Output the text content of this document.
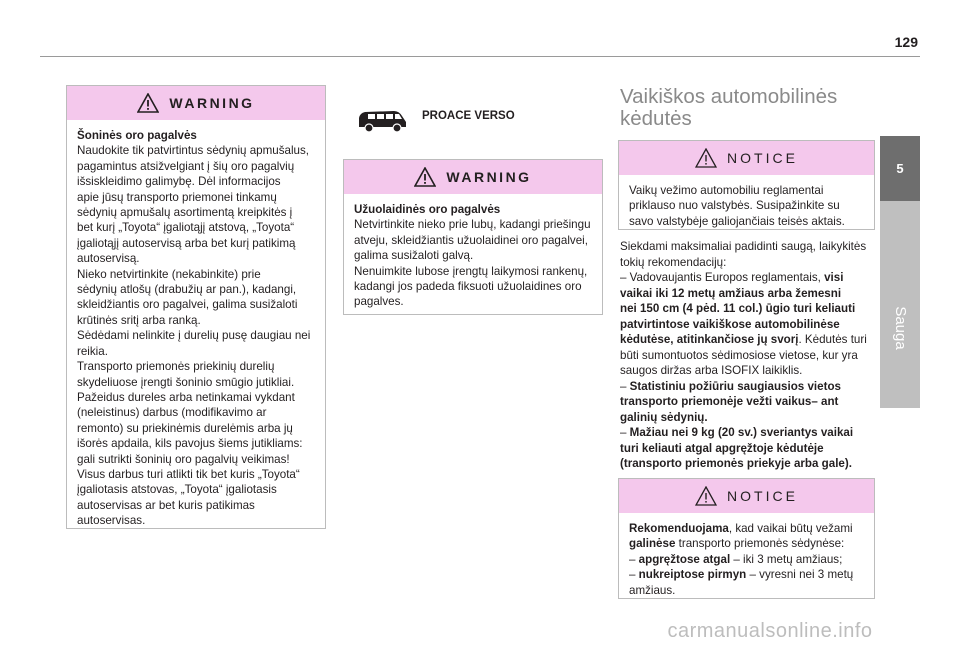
129
5
Sauga
WARNING

Šoninės oro pagalvės

Naudokite tik patvirtintus sėdynių apmušalus,

pagamintus atsižvelgiant į šių oro pagalvių

išsiskleidimo galimybę. Dėl informacijos

apie jūsų transporto priemonei tinkamų

sėdynių apmušalų asortimentą kreipkitės į

bet kurį „Toyota“ įgaliotąjį atstovą, „Toyota“

įgaliotąjį autoservisą arba bet kurį patikimą

autoservisą.

Nieko netvirtinkite (nekabinkite) prie

sėdynių atlošų (drabužių ar pan.), kadangi,

skleidžiantis oro pagalvei, galima susižaloti

krūtinės sritį arba ranką.

Sėdėdami nelinkite į durelių pusę daugiau nei

reikia.

Transporto priemonės priekinių durelių

skydeliuose įrengti šoninio smūgio jutikliai.

Pažeidus dureles arba netinkamai vykdant

(neleistinus) darbus (modifikavimo ar

remonto) su priekinėmis durelėmis arba jų

išorės apdaila, kils pavojus šiems jutikliams:

gali sutrikti šoninių oro pagalvių veikimas!

Visus darbus turi atlikti tik bet kuris „Toyota“

įgaliotasis atstovas, „Toyota“ įgaliotasis

autoservisas ar bet kuris patikimas

autoservisas.

PROACE VERSO
WARNING

Užuolaidinės oro pagalvės

Netvirtinkite nieko prie lubų, kadangi priešingu

atveju, skleidžiantis užuolaidinei oro pagalvei,

galima susižaloti galvą.

Nenuimkite lubose įrengtų laikymosi rankenų,

kadangi jos padeda fiksuoti užuolaidines oro

pagalves.

Vaikiškos automobilinės
kėdutės
NOTICE

Vaikų vežimo automobiliu reglamentai

priklauso nuo valstybės. Susipažinkite su

savo valstybėje galiojančiais teisės aktais.

Siekdami maksimaliai padidinti saugą, laikykitės

tokių rekomendacijų:

– Vadovaujantis Europos reglamentais, visi

vaikai iki 12 metų amžiaus arba žemesni

nei 150 cm (4 pėd. 11 col.) ūgio turi keliauti

patvirtintose vaikiškose automobilinėse

kėdutėse, atitinkančiose jų svorį. Kėdutės turi

būti sumontuotos sėdimosiose vietose, kur yra

saugos diržas arba ISOFIX laikiklis.

– Statistiniu požiūriu saugiausios vietos

transporto priemonėje vežti vaikus– ant

galinių sėdynių.

– Mažiau nei 9 kg (20 sv.) sveriantys vaikai

turi keliauti atgal apgręžtoje kėdutėje

(transporto priemonės priekyje arba gale).

NOTICE

Rekomenduojama, kad vaikai būtų vežami

galinėse transporto priemonės sėdynėse:

– apgręžtose atgal – iki 3 metų amžiaus;

– nukreiptose pirmyn – vyresni nei 3 metų

amžiaus.

carmanualsonline.info
